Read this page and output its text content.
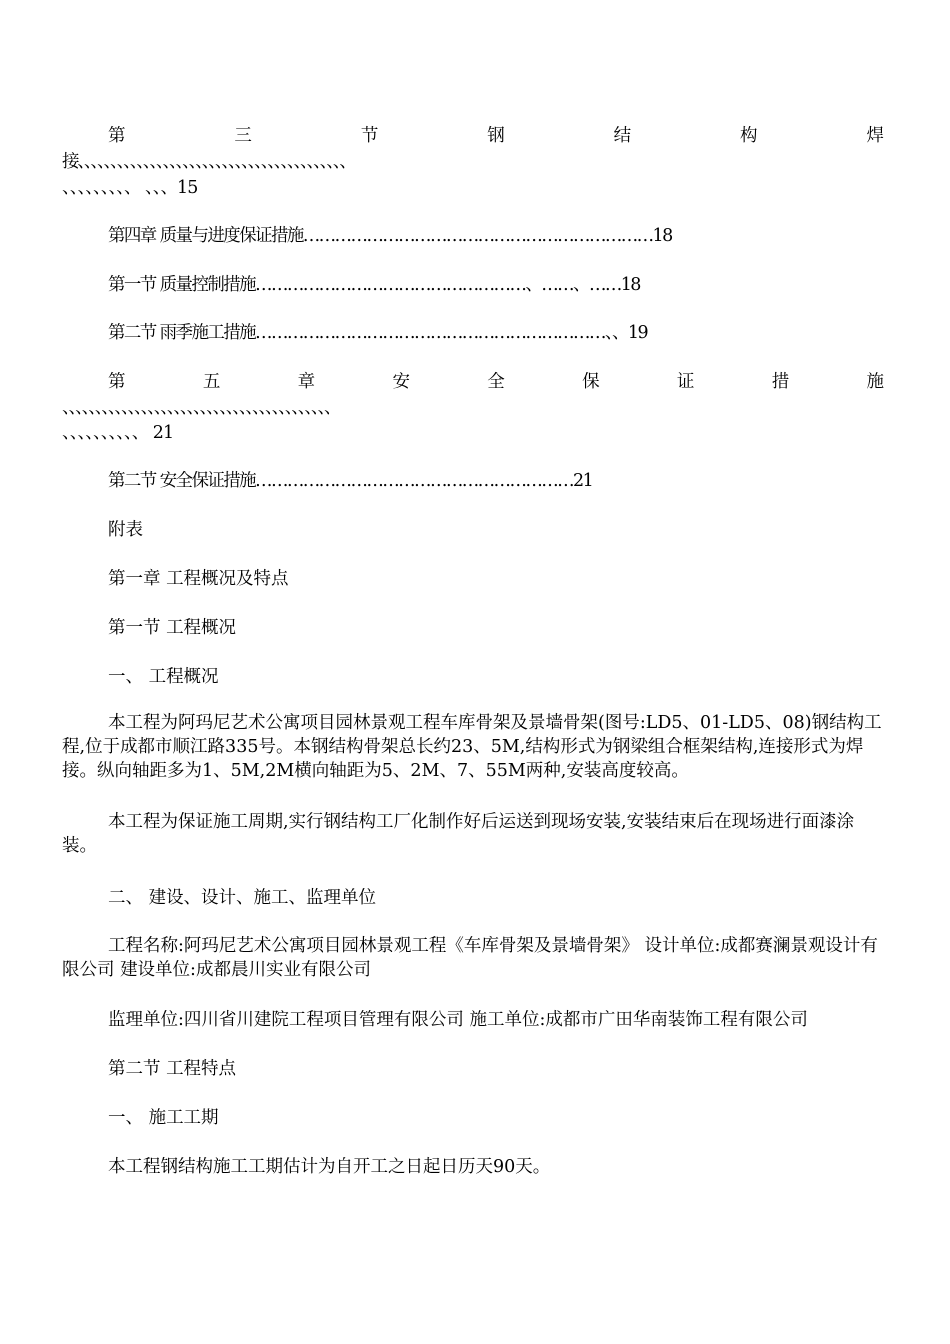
第	三	节	钢	结	构	焊
接、、、、、、、、、、、、、、、、、、、、、、、、、、、、、、、、、、、、、、、、、
、、、、、、、、、 、、、15
第四章 质量与进度保证措施…………………………………………………………18
第一节 质量控制措施……………………………………………、……、……18
第二节 雨季施工措施…………………………………………………………、、19
第	五	章	安	全	保	证	措	施
、、、、、、、、、、、、、、、、、、、、、、、、、、、、、、、、、、、、、、、、、
、、、、、、、、、、 21
第二节 安全保证措施……………………………………………………21
附表
第一章 工程概况及特点
第一节 工程概况
一、 工程概况
本工程为阿玛尼艺术公寓项目园林景观工程车库骨架及景墙骨架(图号:LD5、01-LD5、08)钢结构工程,位于成都市顺江路335号。本钢结构骨架总长约23、5M,结构形式为钢梁组合框架结构,连接形式为焊接。纵向轴距多为1、5M,2M横向轴距为5、2M、7、55M两种,安装高度较高。
本工程为保证施工周期,实行钢结构工厂化制作好后运送到现场安装,安装结束后在现场进行面漆涂装。
二、 建设、设计、施工、监理单位
工程名称:阿玛尼艺术公寓项目园林景观工程《车库骨架及景墙骨架》 设计单位:成都赛澜景观设计有限公司 建设单位:成都晨川实业有限公司
监理单位:四川省川建院工程项目管理有限公司 施工单位:成都市广田华南装饰工程有限公司
第二节 工程特点
一、 施工工期
本工程钢结构施工工期估计为自开工之日起日历天90天。
